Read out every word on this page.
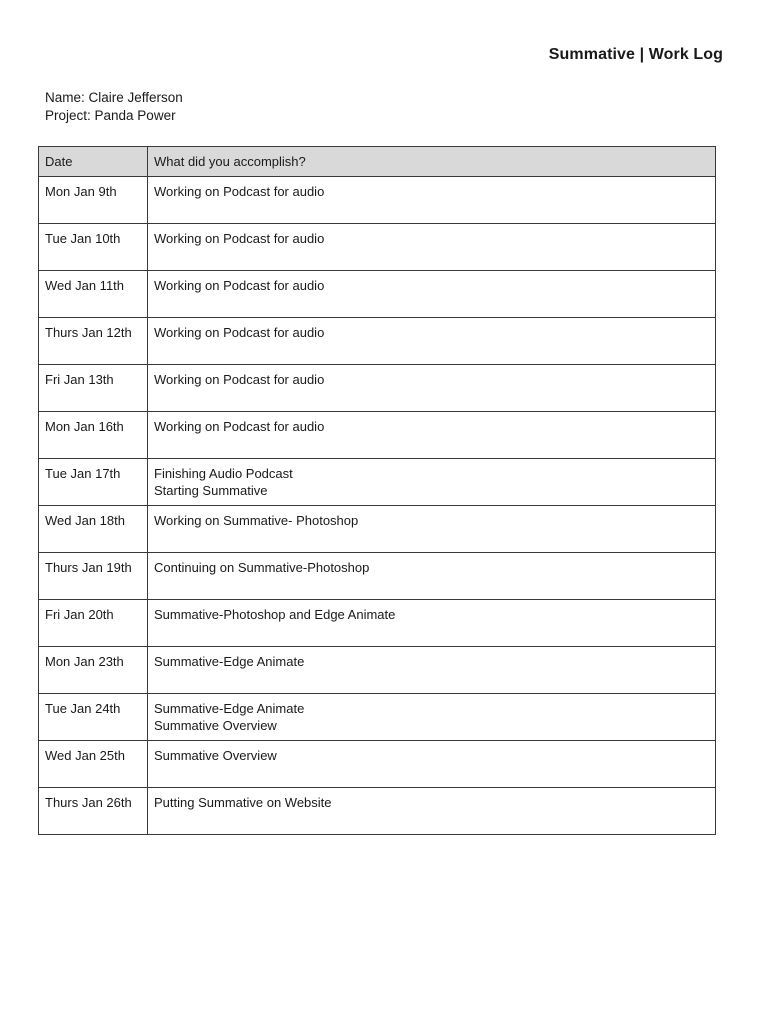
Summative | Work Log
Name: Claire Jefferson
Project: Panda Power
Date	What did you accomplish?
Mon Jan 9th	Working on Podcast for audio

Tue Jan 10th	Working on Podcast for audio

Wed Jan 11th	Working on Podcast for audio

Thurs Jan 12th	Working on Podcast for audio

Fri Jan 13th	Working on Podcast for audio

Mon Jan 16th	Working on Podcast for audio

Tue Jan 17th	Finishing Audio Podcast
Starting Summative

Wed Jan 18th	Working on Summative- Photoshop

Thurs Jan 19th	Continuing on Summative-Photoshop

Fri Jan 20th	Summative-Photoshop and Edge Animate

Mon Jan 23th	Summative-Edge Animate

Tue Jan 24th	Summative-Edge Animate
Summative Overview

Wed Jan 25th	Summative Overview

Thurs Jan 26th	Putting Summative on Website
